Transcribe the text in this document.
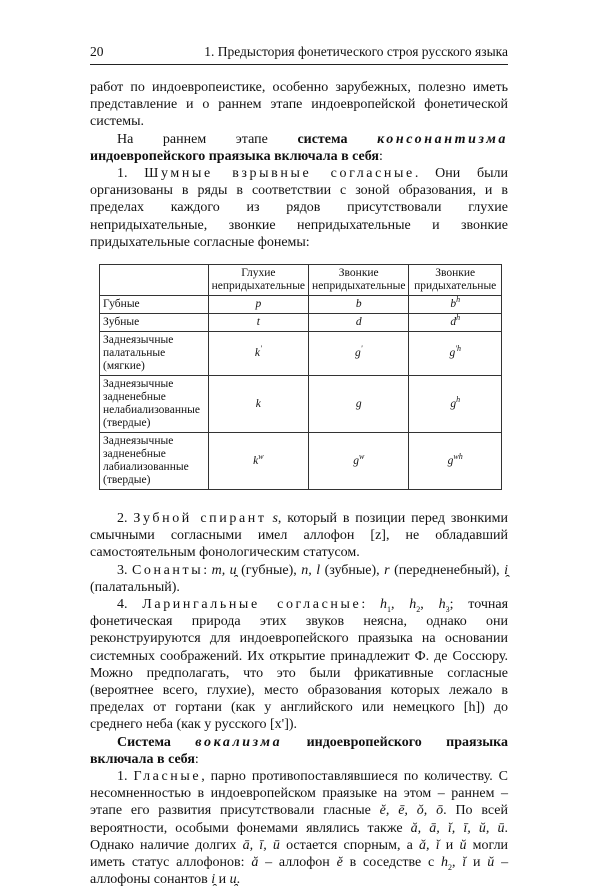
20	1. Предыстория фонетического строя русского языка

работ по индоевропеистике, особенно зарубежных, полезно иметь представление и о раннем этапе индоевропейской фонетической системы.

На раннем этапе система консонантизма индоевропейского праязыка включала в себя:

1. Шумные взрывные согласные. Они были организованы в ряды в соответствии с зоной образования, и в пределах каждого из рядов присутствовали глухие непридыхательные, звонкие непридыхательные и звонкие придыхательные согласные фонемы:

	Глухие непридыхательные	Звонкие непридыхательные	Звонкие придыхательные
Губные	p	b	$b^h$
Зубные	t	d	$d^h$
Заднеязычные палатальные (мягкие)	k'	g'	$g^{'h}$
Заднеязычные задненебные нелабиализованные (твердые)	k	g	$g^h$
Заднеязычные задненебные лабиализованные (твердые)	$k^w$	$g^w$	$g^{wh}$

2. Зубной спирант s, который в позиции перед звонкими смычными согласными имел аллофон [z], не обладавший самостоятельным фонологическим статусом.

3. Сонанты: m, u̯ (губные), n, l (зубные), r (передненебный), i̯ (палатальный).

4. Ларингальные согласные: $h_1$, $h_2$, $h_3$; точная фонетическая природа этих звуков неясна, однако они реконструируются для индоевропейского праязыка на основании системных соображений. Их открытие принадлежит Ф. де Соссюру. Можно предполагать, что это были фрикативные согласные (вероятнее всего, глухие), место образования которых лежало в пределах от гортани (как у английского или немецкого [h]) до среднего неба (как у русского [х']).

Система вокализма индоевропейского праязыка включала в себя:

1. Гласные, парно противопоставлявшиеся по количеству. С несомненностью в индоевропейском праязыке на этом – раннем – этапе его развития присутствовали гласные ĕ, ē, ŏ, ō. По всей вероятности, особыми фонемами являлись также ă, ā, ĭ, ī, ŭ, ū. Однако наличие долгих ā, ī, ū остается спорным, а ă, ĭ и ŭ могли иметь статус аллофонов: ă – аллофон ĕ в соседстве с $h_2$, ĭ и ŭ – аллофоны сонантов i̯ и u̯.
